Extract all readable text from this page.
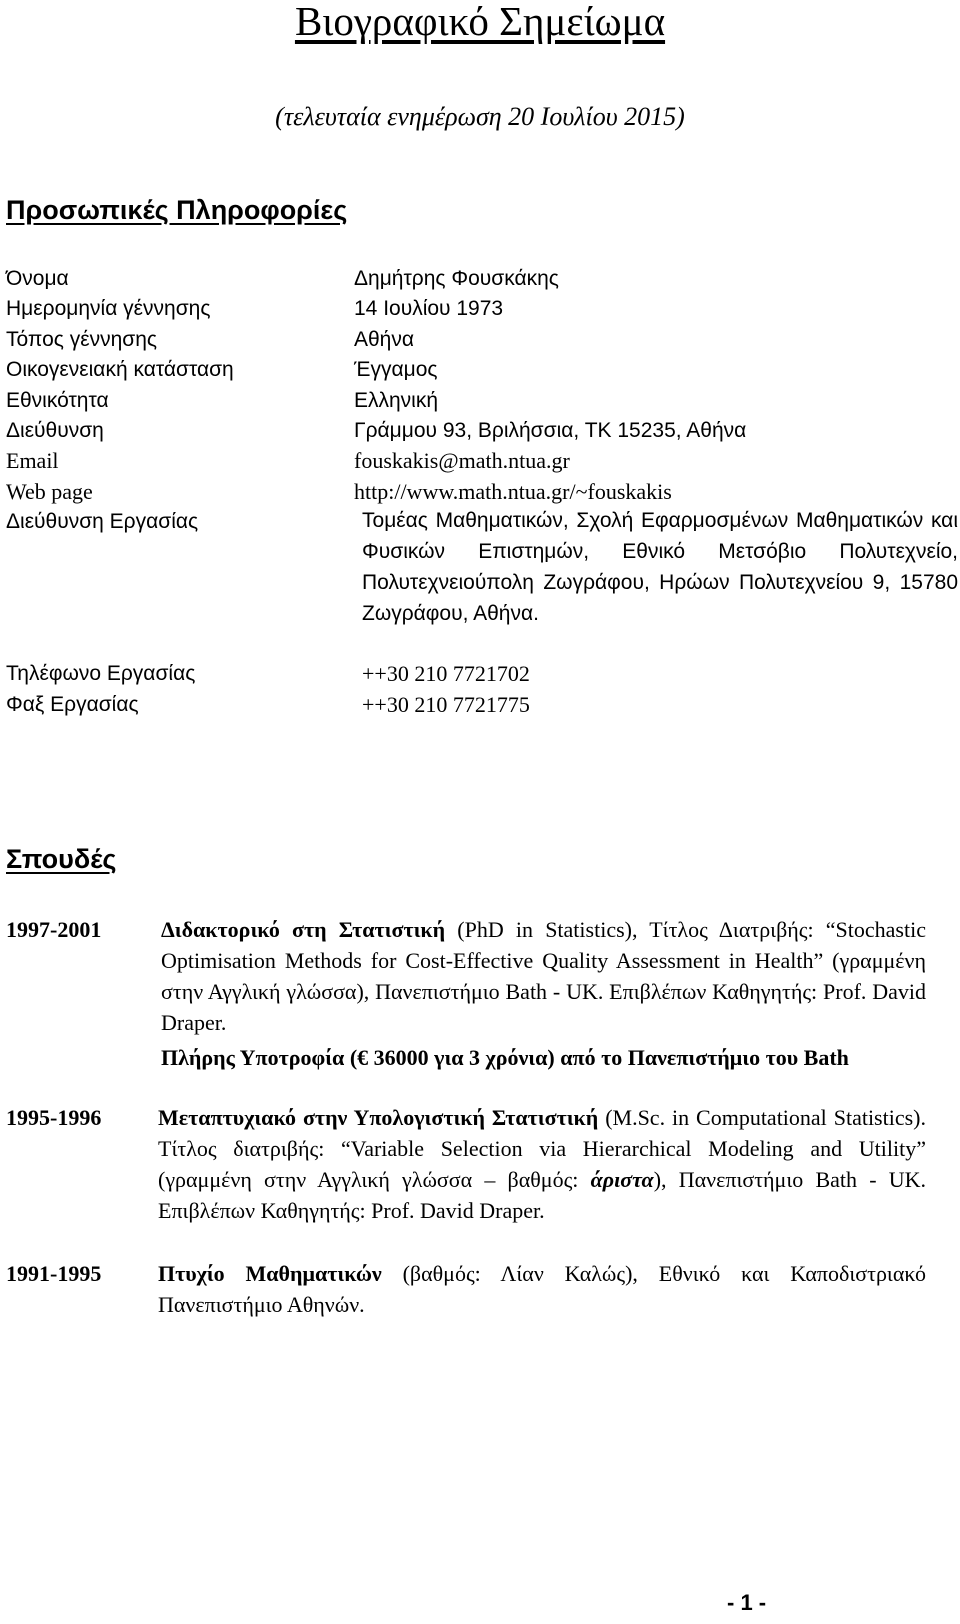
Βιογραφικό Σημείωμα
(τελευταία ενημέρωση 20 Ιουλίου 2015)
Προσωπικές Πληροφορίες
Όνομα	Δημήτρης Φουσκάκης
Ημερομηνία γέννησης	14 Ιουλίου 1973
Τόπος γέννησης	Αθήνα
Οικογενειακή κατάσταση	Έγγαμος
Εθνικότητα	Ελληνική
Διεύθυνση	Γράμμου 93, Βριλήσσια, ΤΚ 15235, Αθήνα
Email	fouskakis@math.ntua.gr
Web page	http://www.math.ntua.gr/~fouskakis
Διεύθυνση Εργασίας	Τομέας Μαθηματικών, Σχολή Εφαρμοσμένων Μαθηματικών και Φυσικών Επιστημών, Εθνικό Μετσόβιο Πολυτεχνείο, Πολυτεχνειούπολη Ζωγράφου, Ηρώων Πολυτεχνείου 9, 15780 Ζωγράφου, Αθήνα.
Τηλέφωνο Εργασίας	++30 210 7721702
Φαξ Εργασίας	++30 210 7721775
Σπουδές
1997-2001	Διδακτορικό στη Στατιστική (PhD in Statistics), Τίτλος Διατριβής: “Stochastic Optimisation Methods for Cost-Effective Quality Assessment in Health” (γραμμένη στην Αγγλική γλώσσα), Πανεπιστήμιο Bath - UK. Επιβλέπων Καθηγητής: Prof. David Draper.
Πλήρης Υποτροφία (€ 36000 για 3 χρόνια) από το Πανεπιστήμιο του Bath
1995-1996	Μεταπτυχιακό στην Υπολογιστική Στατιστική (M.Sc. in Computational Statistics). Τίτλος διατριβής: “Variable Selection via Hierarchical Modeling and Utility” (γραμμένη στην Αγγλική γλώσσα – βαθμός: άριστα), Πανεπιστήμιο Bath - UK. Επιβλέπων Καθηγητής: Prof. David Draper.
1991-1995	Πτυχίο Μαθηματικών (βαθμός: Λίαν Καλώς), Εθνικό και Καποδιστριακό Πανεπιστήμιο Αθηνών.
- 1 -
